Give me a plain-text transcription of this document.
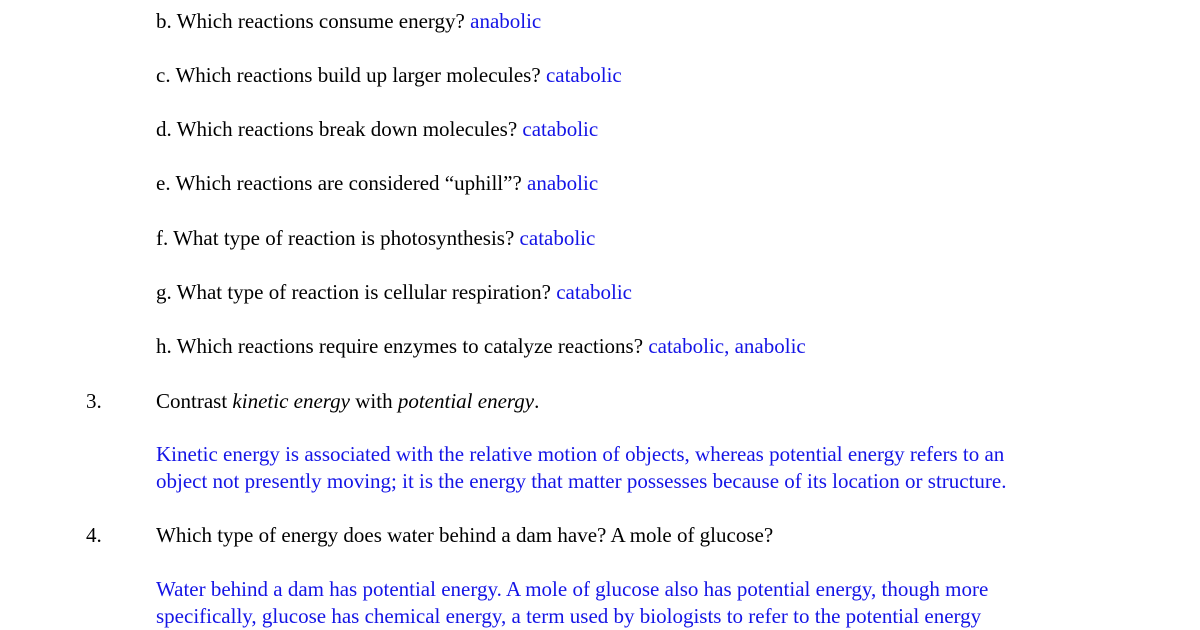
b. Which reactions consume energy? anabolic
c. Which reactions build up larger molecules? catabolic
d. Which reactions break down molecules? catabolic
e. Which reactions are considered “uphill”? anabolic
f. What type of reaction is photosynthesis? catabolic
g. What type of reaction is cellular respiration? catabolic
h. Which reactions require enzymes to catalyze reactions? catabolic, anabolic
3.	Contrast kinetic energy with potential energy.
Kinetic energy is associated with the relative motion of objects, whereas potential energy refers to an
object not presently moving; it is the energy that matter possesses because of its location or structure.
4.	Which type of energy does water behind a dam have? A mole of glucose?
Water behind a dam has potential energy. A mole of glucose also has potential energy, though more
specifically, glucose has chemical energy, a term used by biologists to refer to the potential energy
